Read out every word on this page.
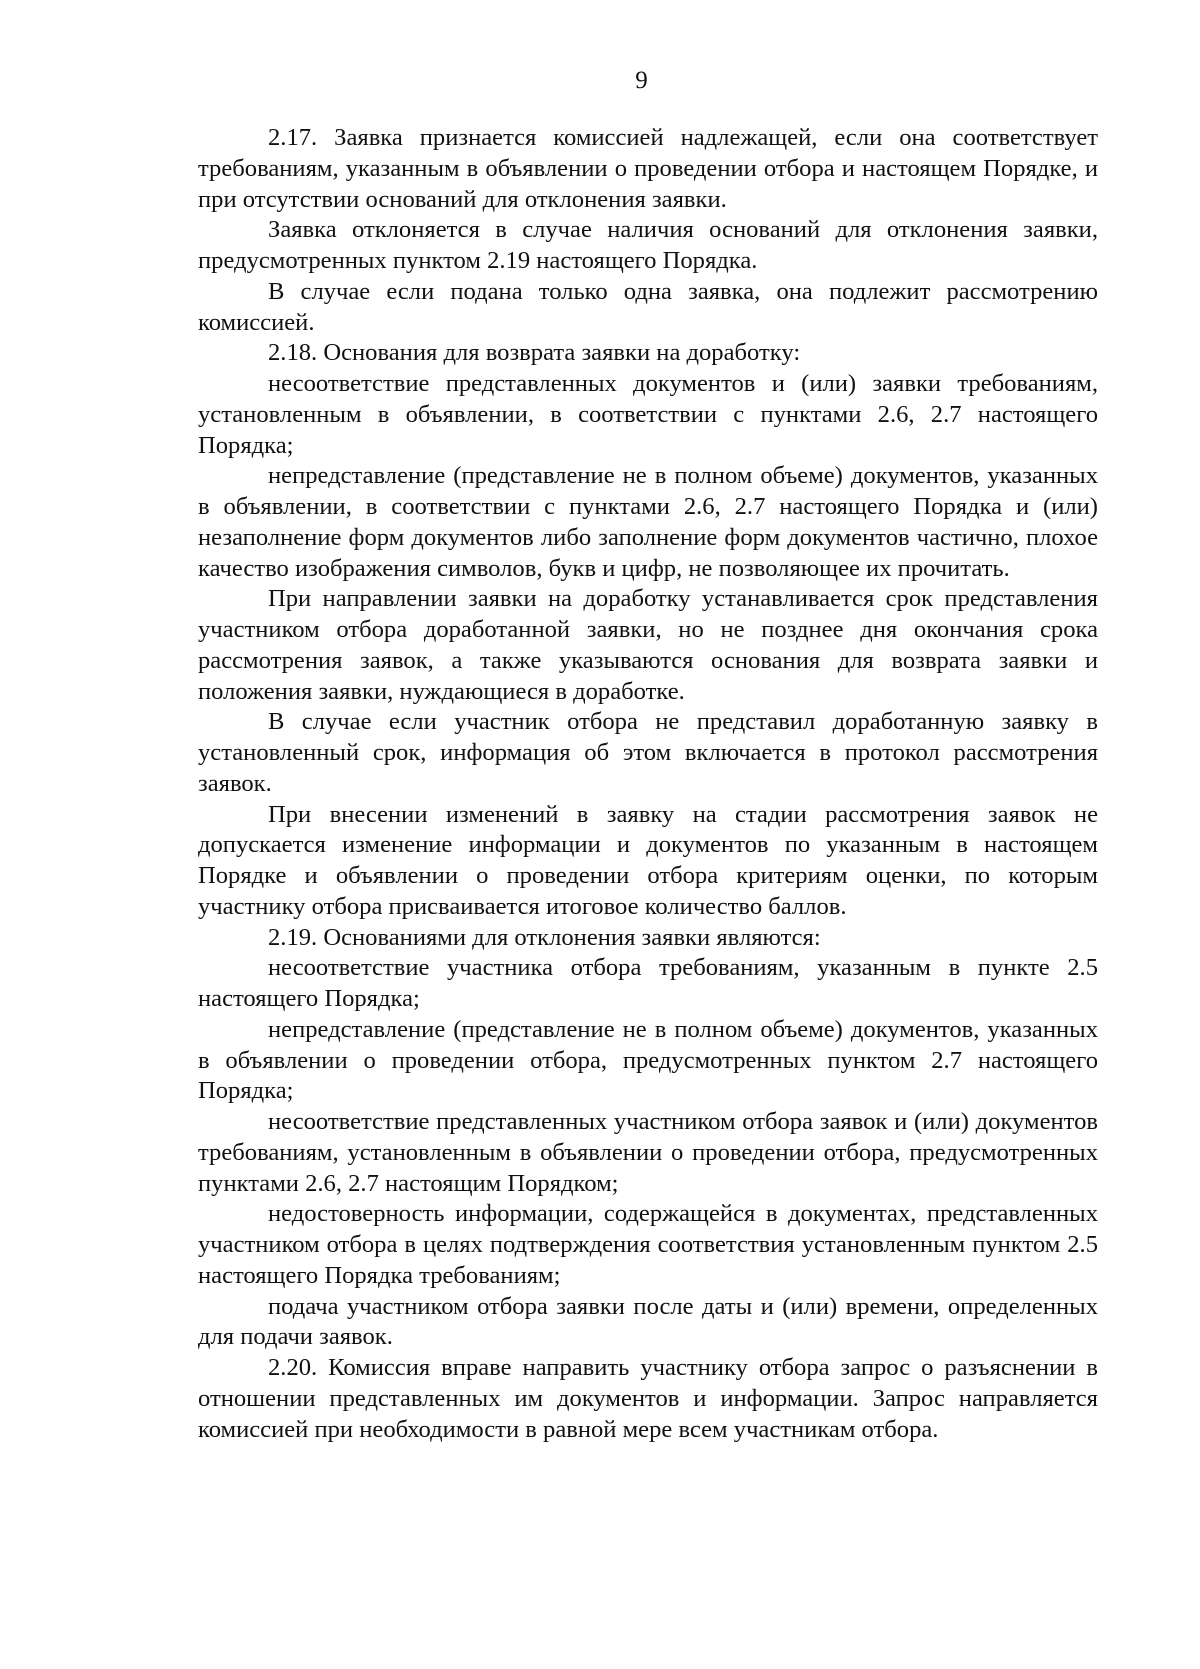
9

2.17. Заявка признается комиссией надлежащей, если она соответствует требованиям, указанным в объявлении о проведении отбора и настоящем Порядке, и при отсутствии оснований для отклонения заявки.

Заявка отклоняется в случае наличия оснований для отклонения заявки, предусмотренных пунктом 2.19 настоящего Порядка.

В случае если подана только одна заявка, она подлежит рассмотрению комиссией.

2.18. Основания для возврата заявки на доработку:

несоответствие представленных документов и (или) заявки требованиям, установленным в объявлении, в соответствии с пунктами 2.6, 2.7 настоящего Порядка;

непредставление (представление не в полном объеме) документов, указанных в объявлении, в соответствии с пунктами 2.6, 2.7 настоящего Порядка и (или) незаполнение форм документов либо заполнение форм документов частично, плохое качество изображения символов, букв и цифр, не позволяющее их прочитать.

При направлении заявки на доработку устанавливается срок представления участником отбора доработанной заявки, но не позднее дня окончания срока рассмотрения заявок, а также указываются основания для возврата заявки и положения заявки, нуждающиеся в доработке.

В случае если участник отбора не представил доработанную заявку в установленный срок, информация об этом включается в протокол рассмотрения заявок.

При внесении изменений в заявку на стадии рассмотрения заявок не допускается изменение информации и документов по указанным в настоящем Порядке и объявлении о проведении отбора критериям оценки, по которым участнику отбора присваивается итоговое количество баллов.

2.19. Основаниями для отклонения заявки являются:

несоответствие участника отбора требованиям, указанным в пункте 2.5 настоящего Порядка;

непредставление (представление не в полном объеме) документов, указанных в объявлении о проведении отбора, предусмотренных пунктом 2.7 настоящего Порядка;

несоответствие представленных участником отбора заявок и (или) документов требованиям, установленным в объявлении о проведении отбора, предусмотренных пунктами 2.6, 2.7 настоящим Порядком;

недостоверность информации, содержащейся в документах, представленных участником отбора в целях подтверждения соответствия установленным пунктом 2.5 настоящего Порядка требованиям;

подача участником отбора заявки после даты и (или) времени, определенных для подачи заявок.

2.20. Комиссия вправе направить участнику отбора запрос о разъяснении в отношении представленных им документов и информации. Запрос направляется комиссией при необходимости в равной мере всем участникам отбора.
